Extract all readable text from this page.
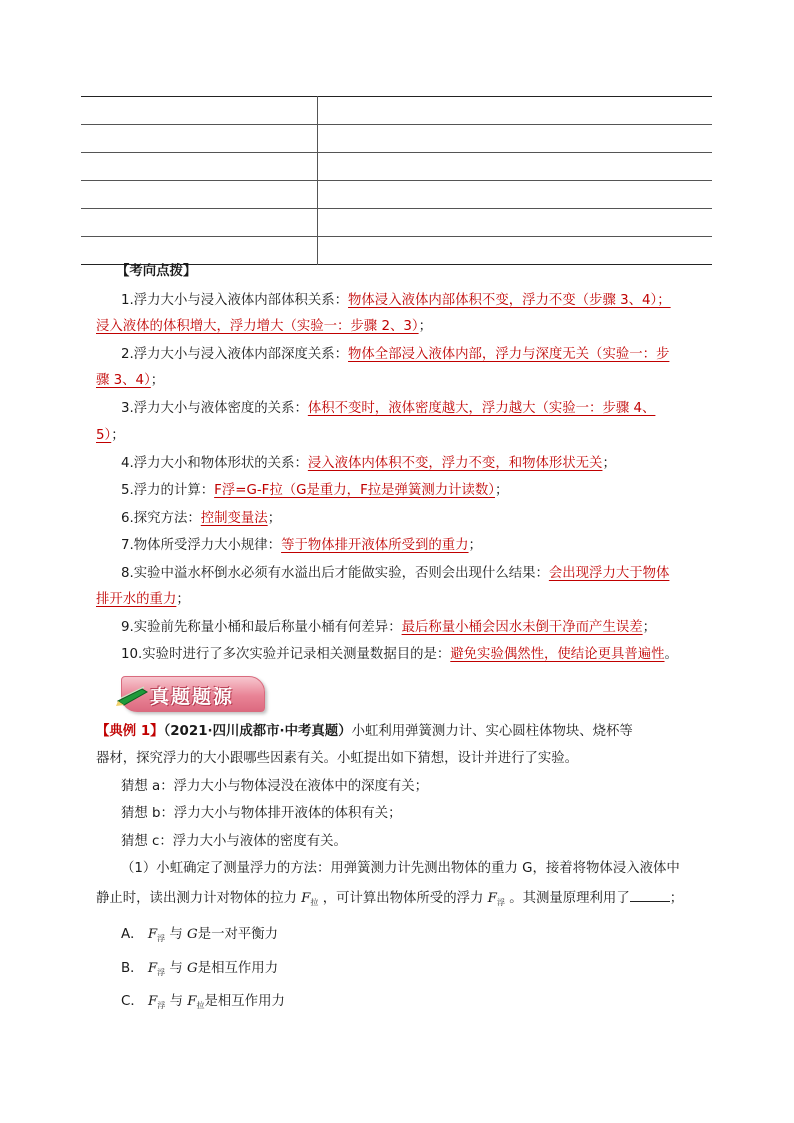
【考向点拨】
1.浮力大小与浸入液体内部体积关系：物体浸入液体内部体积不变，浮力不变（步骤 3、4）；
浸入液体的体积增大，浮力增大（实验一：步骤 2、3）；
2.浮力大小与浸入液体内部深度关系：物体全部浸入液体内部，浮力与深度无关（实验一：步
骤 3、4）；
3.浮力大小与液体密度的关系：体积不变时，液体密度越大，浮力越大（实验一：步骤 4、
5）；
4.浮力大小和物体形状的关系：浸入液体内体积不变，浮力不变，和物体形状无关；
5.浮力的计算：F浮=G-F拉（G是重力，F拉是弹簧测力计读数）；
6.探究方法：控制变量法；
7.物体所受浮力大小规律：等于物体排开液体所受到的重力；
8.实验中溢水杯倒水必须有水溢出后才能做实验，否则会出现什么结果：会出现浮力大于物体
排开水的重力；
9.实验前先称量小桶和最后称量小桶有何差异：最后称量小桶会因水未倒干净而产生误差；
10.实验时进行了多次实验并记录相关测量数据目的是：避免实验偶然性，使结论更具普遍性。
真题题源
【典例 1】（2021·四川成都市·中考真题）小虹利用弹簧测力计、实心圆柱体物块、烧杯等
器材，探究浮力的大小跟哪些因素有关。小虹提出如下猜想，设计并进行了实验。
猜想 a：浮力大小与物体浸没在液体中的深度有关；
猜想 b：浮力大小与物体排开液体的体积有关；
猜想 c：浮力大小与液体的密度有关。
（1）小虹确定了测量浮力的方法：用弹簧测力计先测出物体的重力 G，接着将物体浸入液体中
静止时，读出测力计对物体的拉力 $F_拉$ ，可计算出物体所受的浮力 $F_浮$ 。其测量原理利用了	；
A． $F_浮$ 与 G是一对平衡力
B． $F_浮$ 与 G是相互作用力
C． $F_浮$ 与 $F_拉$是相互作用力
